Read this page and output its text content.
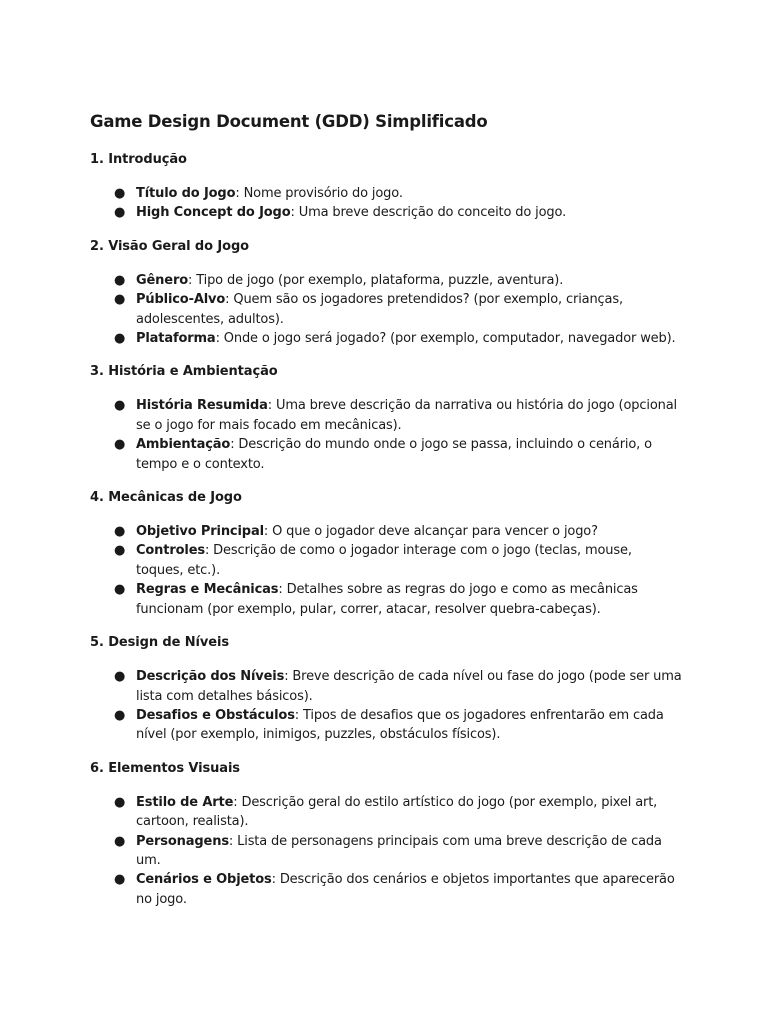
Game Design Document (GDD) Simplificado
1. Introdução
● Título do Jogo: Nome provisório do jogo.
● High Concept do Jogo: Uma breve descrição do conceito do jogo.
2. Visão Geral do Jogo
● Gênero: Tipo de jogo (por exemplo, plataforma, puzzle, aventura).
● Público-Alvo: Quem são os jogadores pretendidos? (por exemplo, crianças,
adolescentes, adultos).
● Plataforma: Onde o jogo será jogado? (por exemplo, computador, navegador web).
3. História e Ambientação
● História Resumida: Uma breve descrição da narrativa ou história do jogo (opcional
se o jogo for mais focado em mecânicas).
● Ambientação: Descrição do mundo onde o jogo se passa, incluindo o cenário, o
tempo e o contexto.
4. Mecânicas de Jogo
● Objetivo Principal: O que o jogador deve alcançar para vencer o jogo?
● Controles: Descrição de como o jogador interage com o jogo (teclas, mouse,
toques, etc.).
● Regras e Mecânicas: Detalhes sobre as regras do jogo e como as mecânicas
funcionam (por exemplo, pular, correr, atacar, resolver quebra-cabeças).
5. Design de Níveis
● Descrição dos Níveis: Breve descrição de cada nível ou fase do jogo (pode ser uma
lista com detalhes básicos).
● Desafios e Obstáculos: Tipos de desafios que os jogadores enfrentarão em cada
nível (por exemplo, inimigos, puzzles, obstáculos físicos).
6. Elementos Visuais
● Estilo de Arte: Descrição geral do estilo artístico do jogo (por exemplo, pixel art,
cartoon, realista).
● Personagens: Lista de personagens principais com uma breve descrição de cada
um.
● Cenários e Objetos: Descrição dos cenários e objetos importantes que aparecerão
no jogo.
